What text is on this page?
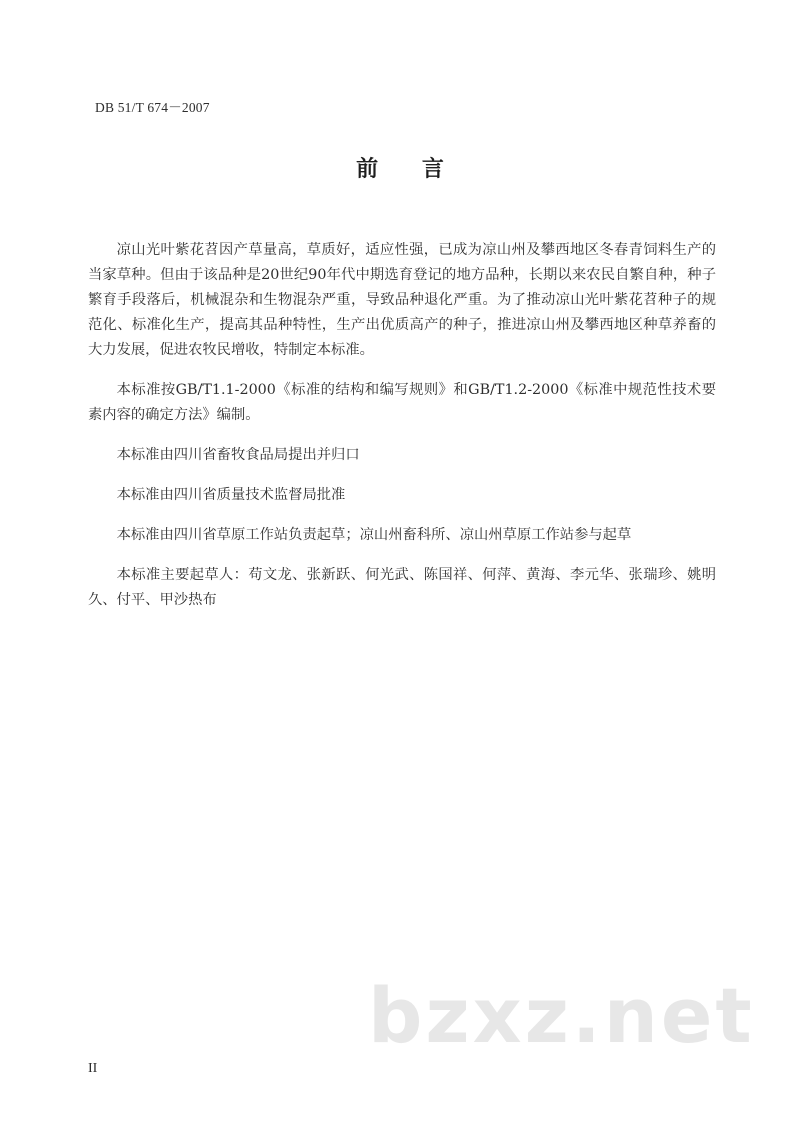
DB 51/T 674－2007
前 言

凉山光叶紫花苕因产草量高，草质好，适应性强，已成为凉山州及攀西地区冬春青饲料生产的当家草种。但由于该品种是20世纪90年代中期选育登记的地方品种，长期以来农民自繁自种，种子繁育手段落后，机械混杂和生物混杂严重，导致品种退化严重。为了推动凉山光叶紫花苕种子的规范化、标准化生产，提高其品种特性，生产出优质高产的种子，推进凉山州及攀西地区种草养畜的大力发展，促进农牧民增收，特制定本标准。

本标准按GB/T1.1-2000《标准的结构和编写规则》和GB/T1.2-2000《标准中规范性技术要素内容的确定方法》编制。

本标准由四川省畜牧食品局提出并归口

本标准由四川省质量技术监督局批准

本标准由四川省草原工作站负责起草；凉山州畜科所、凉山州草原工作站参与起草

本标准主要起草人：苟文龙、张新跃、何光武、陈国祥、何萍、黄海、李元华、张瑞珍、姚明久、付平、甲沙热布

bzxz.net
II
